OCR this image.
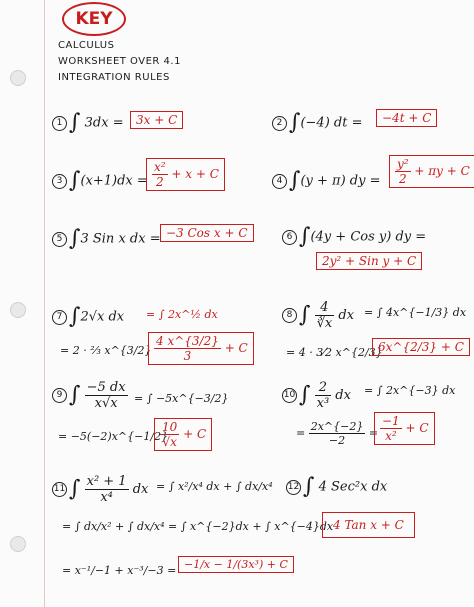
KEY
CALCULUS
WORKSHEET OVER 4.1
INTEGRATION RULES
1 ∫ 3dx =	3x + C	2 ∫(−4) dt =	−4t + C
3 $\int(x+1)dx = \frac{\text{x²}}{2} + x + C$	4 ∫(y + π) dy = $\frac{\text{y²}}{2} + \pi y + C$
5 ∫3 Sin x dx = −3 Cos x + C	6 ∫(4y + Cos y) dy =
2y² + Sin y + C
7 ∫2√x dx = ∫ 2x^½ dx
= 2 · ⅔ x^{3/2} $\frac{4 x\^{}\{3/2\}}{3} + C$
8 ∫ $\frac{4}{∛x}$ dx = ∫ 4x^{−1/3} dx
= 4 · 3⁄2 x^{2/3}
6x^{2/3} + C
9 ∫ $\frac{-5 dx}{x√x}$ = ∫ −5x^{−3/2}
= −5(−2)x^{−1/2}
$\frac{10}{√x} + C$
10 ∫ $\frac{2}{\text{x³}}$ dx = ∫ 2x^{−3} dx
= $\frac{2x\^{}\{-2\}}{-2} = \frac{-1}{\text{x²}} + C$
11 ∫ $\frac{\text{x² + 1}}{\text{x⁴}}$ dx = ∫ x²/x⁴ dx + ∫ dx/x⁴
= ∫ dx/x² + ∫ dx/x⁴ = ∫ x^{−2}dx + ∫ x^{−4}dx
= x⁻¹/−1 + x⁻³/−3 = −1/x − 1/(3x³) + C
12 ∫ 4 Sec²x dx
4 Tan x + C
